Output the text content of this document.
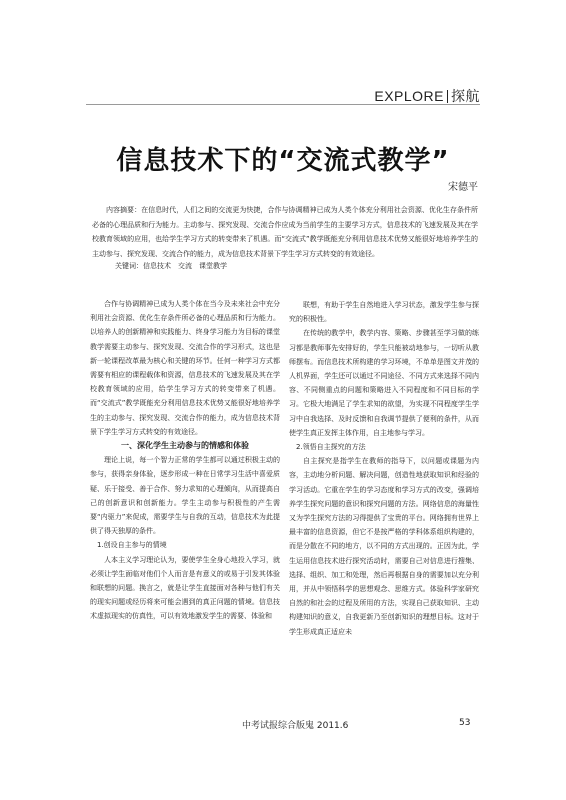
EXPLORE 探航
信息技术下的“交流式教学”
宋德平

内容摘要：在信息时代，人们之间的交流更为快捷，合作与协调精神已成为人类个体充分利用社会资源、优化生存条件所必备的心理品质和行为能力。主动参与、探究发现、交流合作应成为当前学生的主要学习方式，信息技术的飞速发展及其在学校教育领域的应用，也给学生学习方式的转变带来了机遇。而“交流式”教学既能充分利用信息技术优势又能很好地培养学生的主动参与、探究发现、交流合作的能力，成为信息技术背景下学生学习方式转变的有效途径。

关键词：信息技术　交流　课堂教学

合作与协调精神已成为人类个体在当今及未来社会中充分利用社会资源、优化生存条件所必备的心理品质和行为能力。以培养人的创新精神和实践能力、终身学习能力为目标的课堂教学需要主动参与、探究发现、交流合作的学习形式，这也是新一轮课程改革最为核心和关键的环节。任何一种学习方式都需要有相应的课程载体和资源，信息技术的飞速发展及其在学校教育领域的应用，给学生学习方式的转变带来了机遇。而“交流式”教学既能充分利用信息技术优势又能很好地培养学生的主动参与、探究发现、交流合作的能力，成为信息技术背景下学生学习方式转变的有效途径。

一、深化学生主动参与的情感和体验

理论上说，每一个智力正常的学生都可以通过积极主动的参与，获得亲身体验，逐步形成一种在日常学习生活中喜爱质疑、乐于接受、善于合作、努力求知的心理倾向，从而提高自己的创新意识和创新能力。学生主动参与积极性的产生需要“内驱力”来促成，需要学生与自我的互动，信息技术为此提供了得天独厚的条件。

1.创设自主参与的情境

人本主义学习理论认为，要使学生全身心地投入学习，就必须让学生面临对他们个人而言是有意义的或易于引发其体验和联想的问题。换言之，就是让学生直接面对各种与他们有关的现实问题或经历将来可能会遇到的真正问题的情境。信息技术虚拟现实的仿真性，可以有效地激发学生的需要、体验和

联想，有助于学生自然地进入学习状态，激发学生参与探究的积极性。

在传统的教学中，教学内容、策略、步骤甚至学习做的练习都是教师事先安排好的，学生只能被动地参与，一切听从教师摆布。而信息技术所构建的学习环境，不单单是图文并茂的人机界面，学生还可以通过不同途径、不同方式来选择不同内容、不同侧重点的问题和策略进入不同程度和不同目标的学习。它极大地满足了学生求知的欲望，为实现不同程度学生学习中自我选择、及时反馈和自我调节提供了便利的条件，从而使学生真正发挥主体作用，自主地参与学习。

2.领悟自主探究的方法

自主探究是指学生在教师的指导下，以问题或课题为内容，主动地分析问题、解决问题，创造性地获取知识和经验的学习活动。它重在学生的学习态度和学习方式的改变，强调培养学生探究问题的意识和探究问题的方法。网络信息的海量性又为学生探究方法的习得提供了宝贵的平台。网络拥有世界上最丰富的信息资源，但它不是按严格的学科体系组织构建的，而是分散在不同的地方，以不同的方式出现的。正因为此，学生运用信息技术进行探究活动时，需要自己对信息进行搜集、选择、组织、加工和处理，然后再根据自身的需要加以充分利用，并从中领悟科学的思想观念、思维方式。体验科学家研究自然的和社会的过程及所用的方法，实现自己获取知识、主动构建知识的意义，自我更新乃至创新知识的理想目标。这对于学生形成真正适应未

中考试报综合版鬼 2011.6	53
